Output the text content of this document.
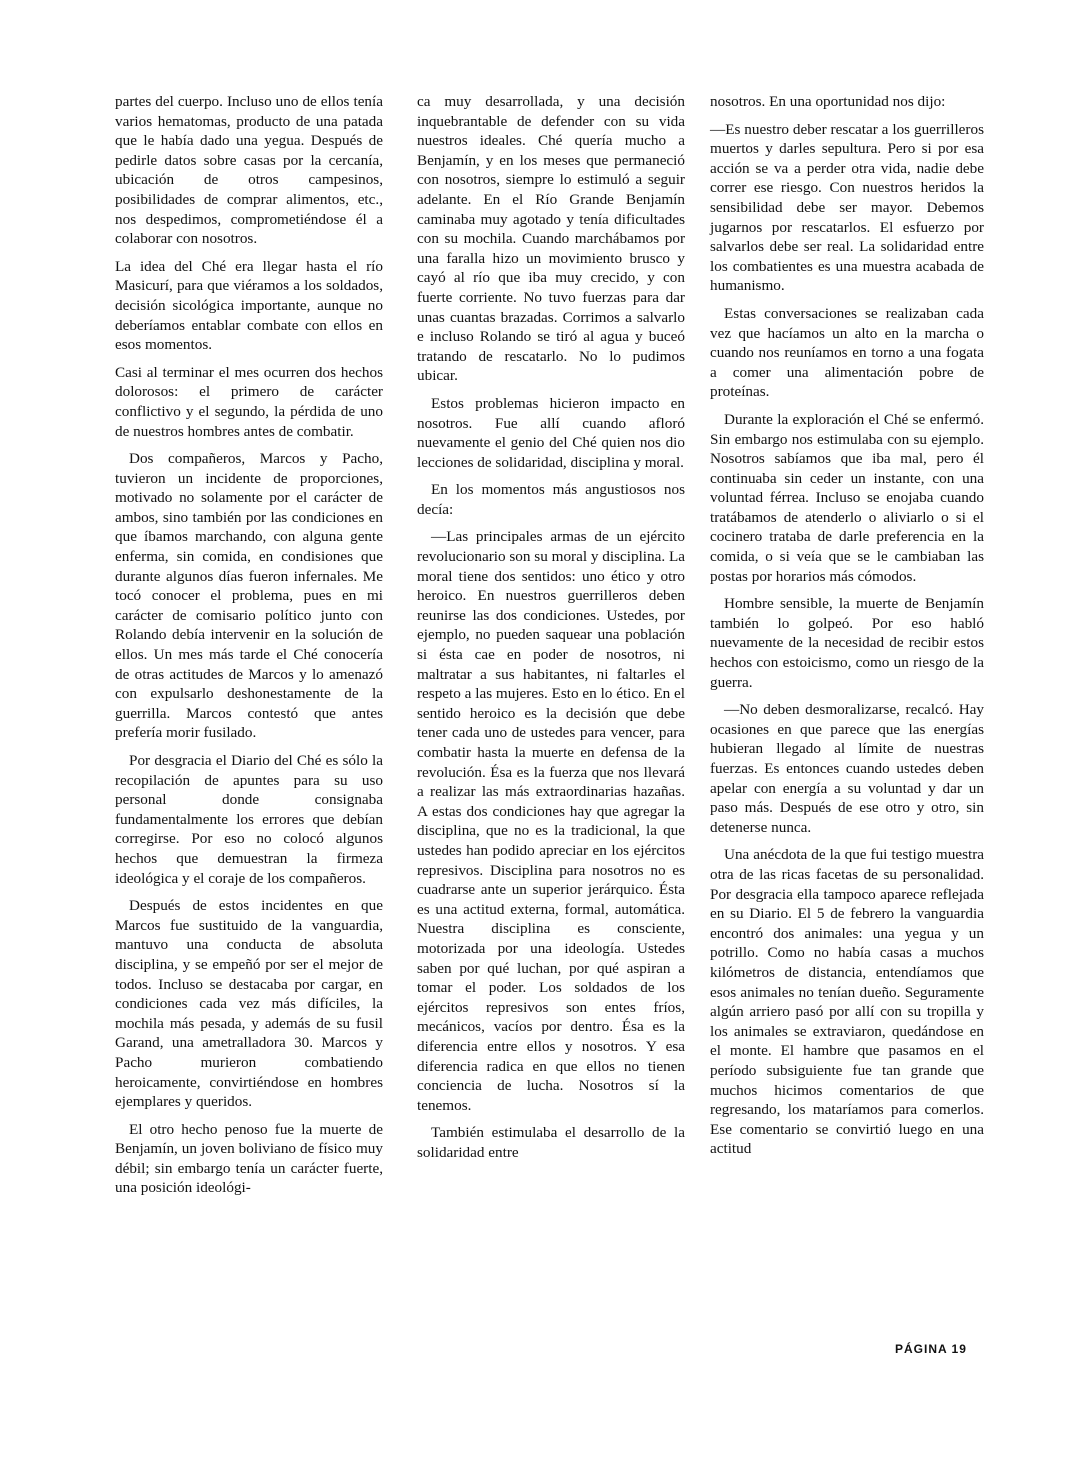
partes del cuerpo. Incluso uno de ellos tenía varios hematomas, producto de una patada que le había dado una yegua. Después de pedirle datos sobre casas por la cercanía, ubicación de otros campesinos, posibilidades de comprar alimentos, etc., nos despedimos, comprometiéndose él a colaborar con nosotros.

La idea del Ché era llegar hasta el río Masicurí, para que viéramos a los soldados, decisión sicológica importante, aunque no deberíamos entablar combate con ellos en esos momentos.

Casi al terminar el mes ocurren dos hechos dolorosos: el primero de carácter conflictivo y el segundo, la pérdida de uno de nuestros hombres antes de combatir.

Dos compañeros, Marcos y Pacho, tuvieron un incidente de proporciones, motivado no solamente por el carácter de ambos, sino también por las condiciones en que íbamos marchando, con alguna gente enferma, sin comida, en condisiones que durante algunos días fueron infernales. Me tocó conocer el problema, pues en mi carácter de comisario político junto con Rolando debía intervenir en la solución de ellos. Un mes más tarde el Ché conocería de otras actitudes de Marcos y lo amenazó con expulsarlo deshonestamente de la guerrilla. Marcos contestó que antes prefería morir fusilado.

Por desgracia el Diario del Ché es sólo la recopilación de apuntes para su uso personal donde consignaba fundamentalmente los errores que debían corregirse. Por eso no colocó algunos hechos que demuestran la firmeza ideológica y el coraje de los compañeros.

Después de estos incidentes en que Marcos fue sustituido de la vanguardia, mantuvo una conducta de absoluta disciplina, y se empeñó por ser el mejor de todos. Incluso se destacaba por cargar, en condiciones cada vez más difíciles, la mochila más pesada, y además de su fusil Garand, una ametralladora 30. Marcos y Pacho murieron combatiendo heroicamente, convirtiéndose en hombres ejemplares y queridos.

El otro hecho penoso fue la muerte de Benjamín, un joven boliviano de físico muy débil; sin embargo tenía un carácter fuerte, una posición ideológi-

ca muy desarrollada, y una decisión inquebrantable de defender con su vida nuestros ideales. Ché quería mucho a Benjamín, y en los meses que permaneció con nosotros, siempre lo estimuló a seguir adelante. En el Río Grande Benjamín caminaba muy agotado y tenía dificultades con su mochila. Cuando marchábamos por una faralla hizo un movimiento brusco y cayó al río que iba muy crecido, y con fuerte corriente. No tuvo fuerzas para dar unas cuantas brazadas. Corrimos a salvarlo e incluso Rolando se tiró al agua y buceó tratando de rescatarlo. No lo pudimos ubicar.

Estos problemas hicieron impacto en nosotros. Fue allí cuando afloró nuevamente el genio del Ché quien nos dio lecciones de solidaridad, disciplina y moral.

En los momentos más angustiosos nos decía:

—Las principales armas de un ejército revolucionario son su moral y disciplina. La moral tiene dos sentidos: uno ético y otro heroico. En nuestros guerrilleros deben reunirse las dos condiciones. Ustedes, por ejemplo, no pueden saquear una población si ésta cae en poder de nosotros, ni maltratar a sus habitantes, ni faltarles el respeto a las mujeres. Esto en lo ético. En el sentido heroico es la decisión que debe tener cada uno de ustedes para vencer, para combatir hasta la muerte en defensa de la revolución. Ésa es la fuerza que nos llevará a realizar las más extraordinarias hazañas. A estas dos condiciones hay que agregar la disciplina, que no es la tradicional, la que ustedes han podido apreciar en los ejércitos represivos. Disciplina para nosotros no es cuadrarse ante un superior jerárquico. Ésta es una actitud externa, formal, automática. Nuestra disciplina es consciente, motorizada por una ideología. Ustedes saben por qué luchan, por qué aspiran a tomar el poder. Los soldados de los ejércitos represivos son entes fríos, mecánicos, vacíos por dentro. Ésa es la diferencia entre ellos y nosotros. Y esa diferencia radica en que ellos no tienen conciencia de lucha. Nosotros sí la tenemos.

También estimulaba el desarrollo de la solidaridad entre

nosotros. En una oportunidad nos dijo:

—Es nuestro deber rescatar a los guerrilleros muertos y darles sepultura. Pero si por esa acción se va a perder otra vida, nadie debe correr ese riesgo. Con nuestros heridos la sensibilidad debe ser mayor. Debemos jugarnos por rescatarlos. El esfuerzo por salvarlos debe ser real. La solidaridad entre los combatientes es una muestra acabada de humanismo.

Estas conversaciones se realizaban cada vez que hacíamos un alto en la marcha o cuando nos reuníamos en torno a una fogata a comer una alimentación pobre de proteínas.

Durante la exploración el Ché se enfermó. Sin embargo nos estimulaba con su ejemplo. Nosotros sabíamos que iba mal, pero él continuaba sin ceder un instante, con una voluntad férrea. Incluso se enojaba cuando tratábamos de atenderlo o aliviarlo o si el cocinero trataba de darle preferencia en la comida, o si veía que se le cambiaban las postas por horarios más cómodos.

Hombre sensible, la muerte de Benjamín también lo golpeó. Por eso habló nuevamente de la necesidad de recibir estos hechos con estoicismo, como un riesgo de la guerra.

—No deben desmoralizarse, recalcó. Hay ocasiones en que parece que las energías hubieran llegado al límite de nuestras fuerzas. Es entonces cuando ustedes deben apelar con energía a su voluntad y dar un paso más. Después de ese otro y otro, sin detenerse nunca.

Una anécdota de la que fui testigo muestra otra de las ricas facetas de su personalidad. Por desgracia ella tampoco aparece reflejada en su Diario. El 5 de febrero la vanguardia encontró dos animales: una yegua y un potrillo. Como no había casas a muchos kilómetros de distancia, entendíamos que esos animales no tenían dueño. Seguramente algún arriero pasó por allí con su tropilla y los animales se extraviaron, quedándose en el monte. El hambre que pasamos en el período subsiguiente fue tan grande que muchos hicimos comentarios de que regresando, los mataríamos para comerlos. Ese comentario se convirtió luego en una actitud

PÁGINA 19
